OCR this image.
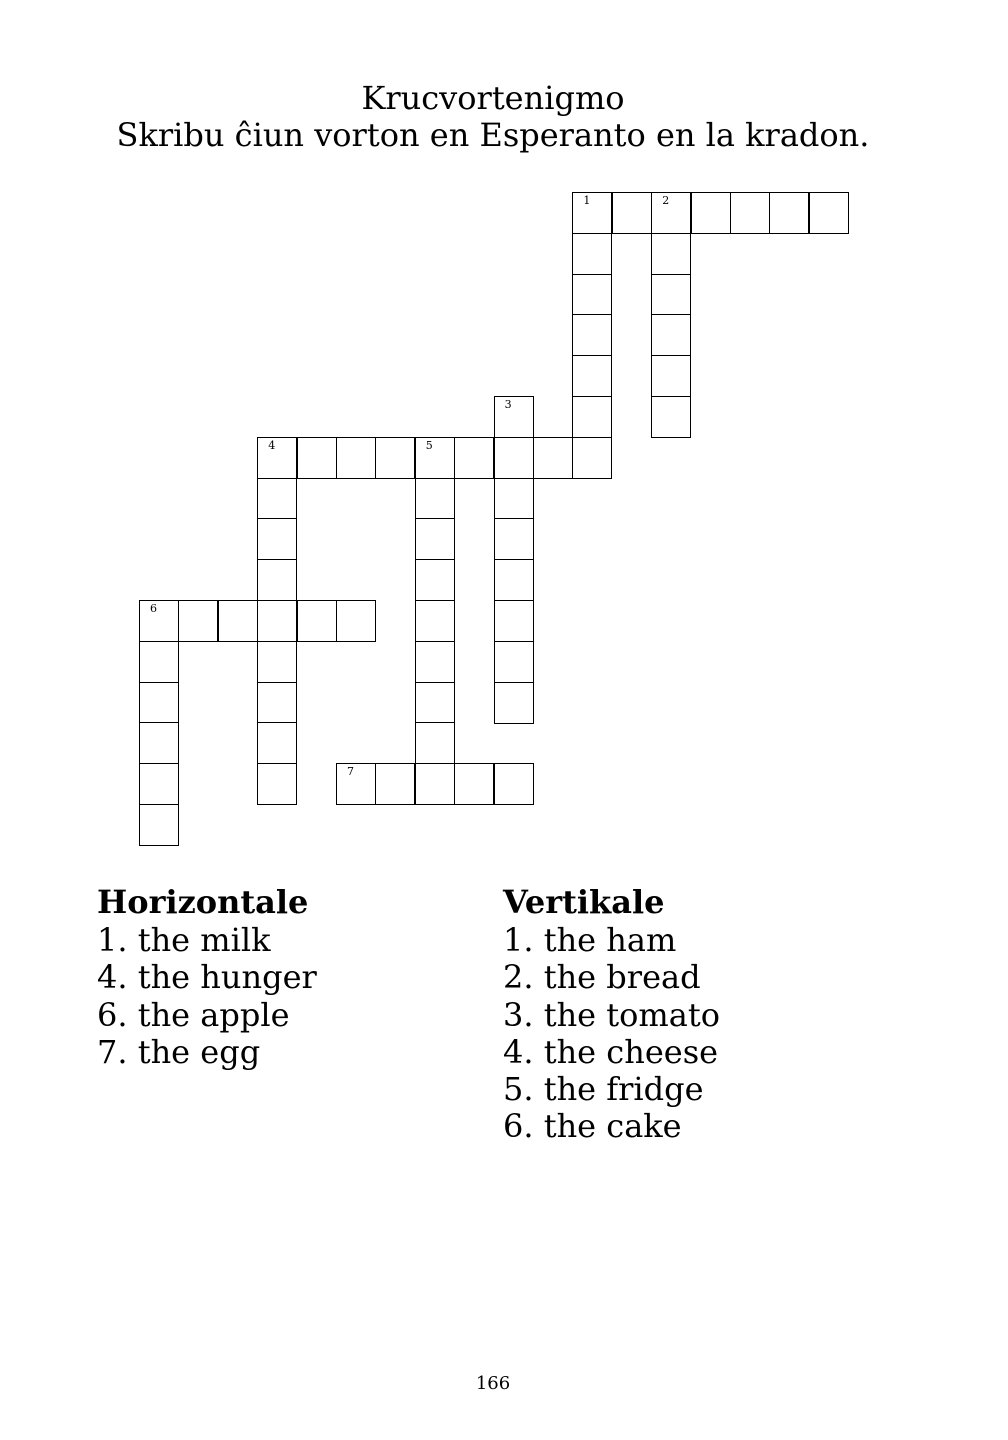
Krucvortenigmo

Skribu ĉiun vorton en Esperanto en la kradon.

1	2
3
4	5
6
7
Horizontale
1. the milk
4. the hunger
6. the apple
7. the egg
Vertikale
1. the ham
2. the bread
3. the tomato
4. the cheese
5. the fridge
6. the cake
166
